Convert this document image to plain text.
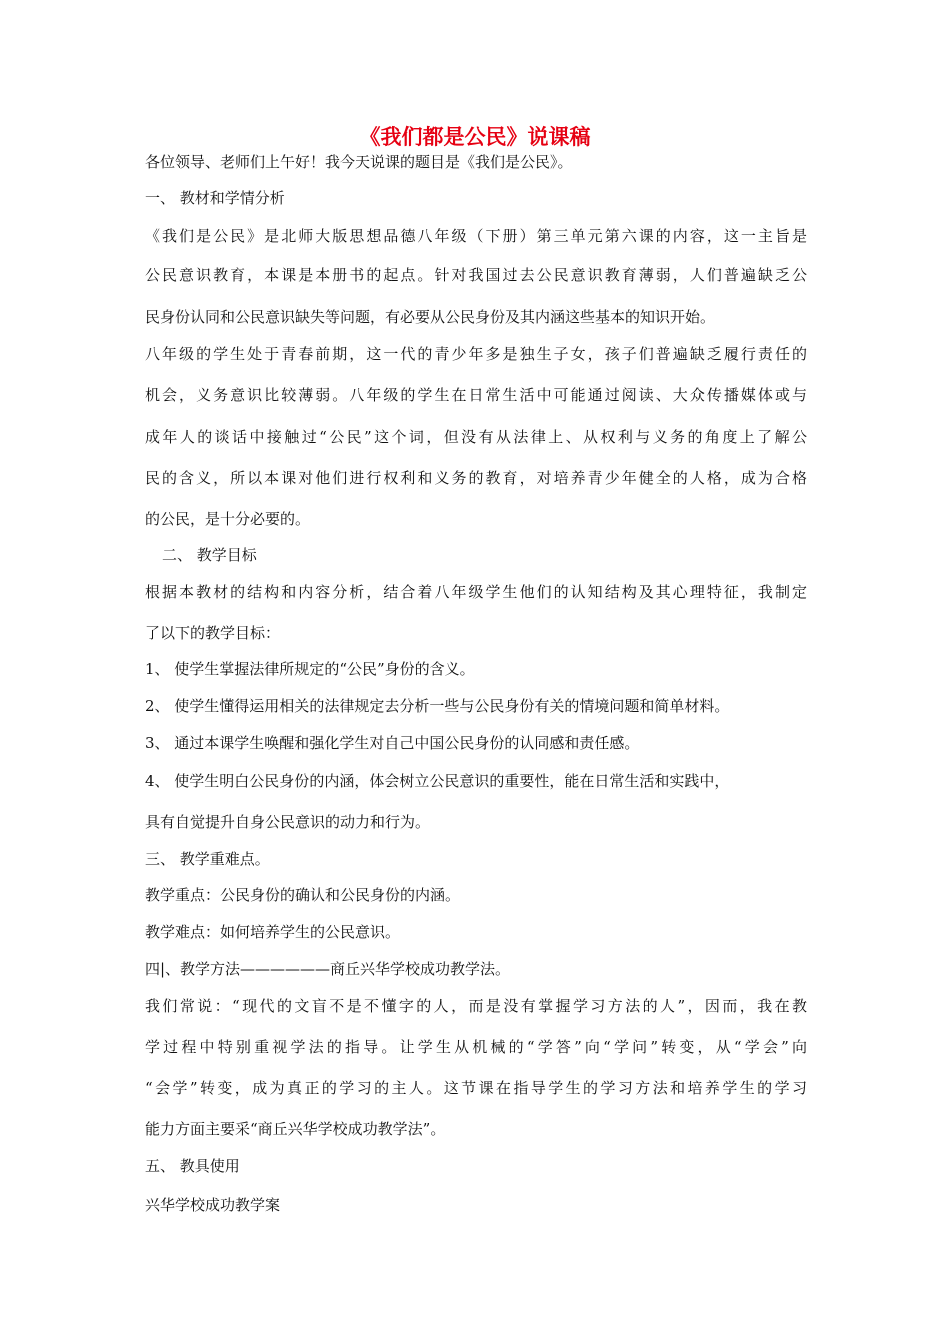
《我们都是公民》说课稿
各位领导、老师们上午好！我今天说课的题目是《我们是公民》。
一、 教材和学情分析
《我们是公民》是北师大版思想品德八年级（下册）第三单元第六课的内容，这一主旨是
公民意识教育，本课是本册书的起点。针对我国过去公民意识教育薄弱，人们普遍缺乏公
民身份认同和公民意识缺失等问题，有必要从公民身份及其内涵这些基本的知识开始。
八年级的学生处于青春前期，这一代的青少年多是独生子女，孩子们普遍缺乏履行责任的
机会，义务意识比较薄弱。八年级的学生在日常生活中可能通过阅读、大众传播媒体或与
成年人的谈话中接触过“公民”这个词，但没有从法律上、从权利与义务的角度上了解公
民的含义，所以本课对他们进行权利和义务的教育，对培养青少年健全的人格，成为合格
的公民，是十分必要的。
二、 教学目标
根据本教材的结构和内容分析，结合着八年级学生他们的认知结构及其心理特征，我制定
了以下的教学目标：
1、 使学生掌握法律所规定的“公民”身份的含义。
2、 使学生懂得运用相关的法律规定去分析一些与公民身份有关的情境问题和简单材料。
3、 通过本课学生唤醒和强化学生对自己中国公民身份的认同感和责任感。
4、 使学生明白公民身份的内涵，体会树立公民意识的重要性，能在日常生活和实践中，
具有自觉提升自身公民意识的动力和行为。
三、 教学重难点。
教学重点：公民身份的确认和公民身份的内涵。
教学难点：如何培养学生的公民意识。
四|、教学方法——————商丘兴华学校成功教学法。
我们常说：“现代的文盲不是不懂字的人，而是没有掌握学习方法的人”，因而，我在教
学过程中特别重视学法的指导。让学生从机械的“学答”向“学问”转变，从“学会”向
“会学”转变，成为真正的学习的主人。这节课在指导学生的学习方法和培养学生的学习
能力方面主要采“商丘兴华学校成功教学法”。
五、 教具使用
兴华学校成功教学案
